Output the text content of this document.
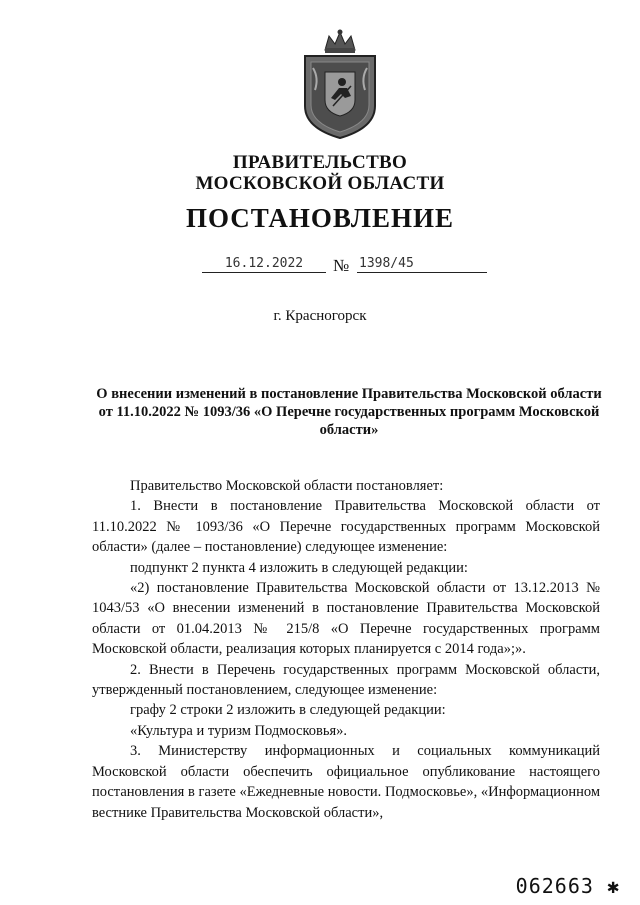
ПРАВИТЕЛЬСТВО
МОСКОВСКОЙ ОБЛАСТИ
ПОСТАНОВЛЕНИЕ
16.12.2022	№ 1398/45
г. Красногорск
О внесении изменений в постановление Правительства Московской области от 11.10.2022 № 1093/36 «О Перечне государственных программ Московской области»

Правительство Московской области постановляет:

1. Внести в постановление Правительства Московской области от 11.10.2022 № 1093/36 «О Перечне государственных программ Московской области» (далее – постановление) следующее изменение:

подпункт 2 пункта 4 изложить в следующей редакции:

«2) постановление Правительства Московской области от 13.12.2013 № 1043/53 «О внесении изменений в постановление Правительства Московской области от 01.04.2013 № 215/8 «О Перечне государственных программ Московской области, реализация которых планируется с 2014 года»;».

2. Внести в Перечень государственных программ Московской области, утвержденный постановлением, следующее изменение:

графу 2 строки 2 изложить в следующей редакции:

«Культура и туризм Подмосковья».

3. Министерству информационных и социальных коммуникаций Московской области обеспечить официальное опубликование настоящего постановления в газете «Ежедневные новости. Подмосковье», «Информационном вестнике Правительства Московской области»,

062663 ✱
